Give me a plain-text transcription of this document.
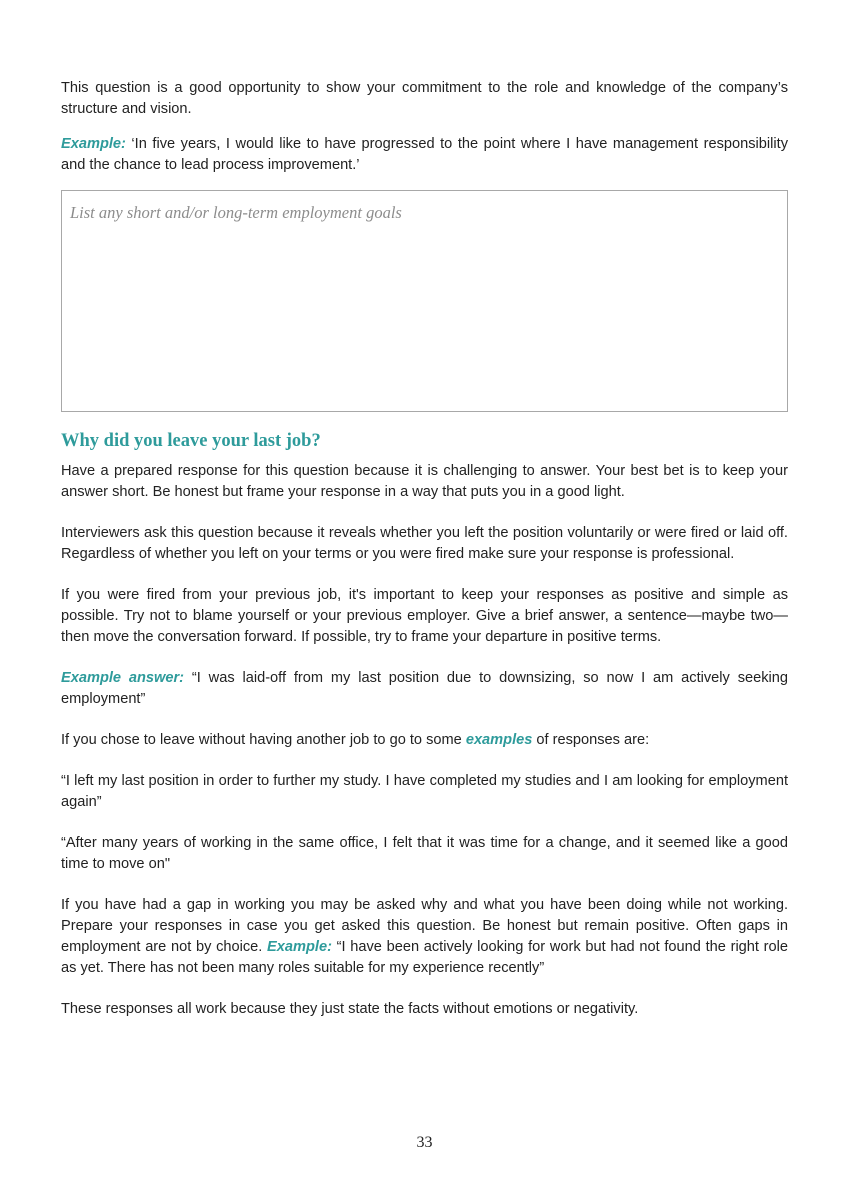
This question is a good opportunity to show your commitment to the role and knowledge of the company’s structure and vision.

Example: ‘In five years, I would like to have progressed to the point where I have management responsibility and the chance to lead process improvement.’

List any short and/or long-term employment goals
Why did you leave your last job?

Have a prepared response for this question because it is challenging to answer. Your best bet is to keep your answer short. Be honest but frame your response in a way that puts you in a good light.

Interviewers ask this question because it reveals whether you left the position voluntarily or were fired or laid off. Regardless of whether you left on your terms or you were fired make sure your response is professional.

If you were fired from your previous job, it's important to keep your responses as positive and simple as possible. Try not to blame yourself or your previous employer. Give a brief answer, a sentence—maybe two— then move the conversation forward. If possible, try to frame your departure in positive terms.

Example answer: “I was laid-off from my last position due to downsizing, so now I am actively seeking employment”

If you chose to leave without having another job to go to some examples of responses are:

“I left my last position in order to further my study. I have completed my studies and I am looking for employment again”

“After many years of working in the same office, I felt that it was time for a change, and it seemed like a good time to move on"

If you have had a gap in working you may be asked why and what you have been doing while not working. Prepare your responses in case you get asked this question. Be honest but remain positive. Often gaps in employment are not by choice. Example: “I have been actively looking for work but had not found the right role as yet. There has not been many roles suitable for my experience recently”

These responses all work because they just state the facts without emotions or negativity.

33
